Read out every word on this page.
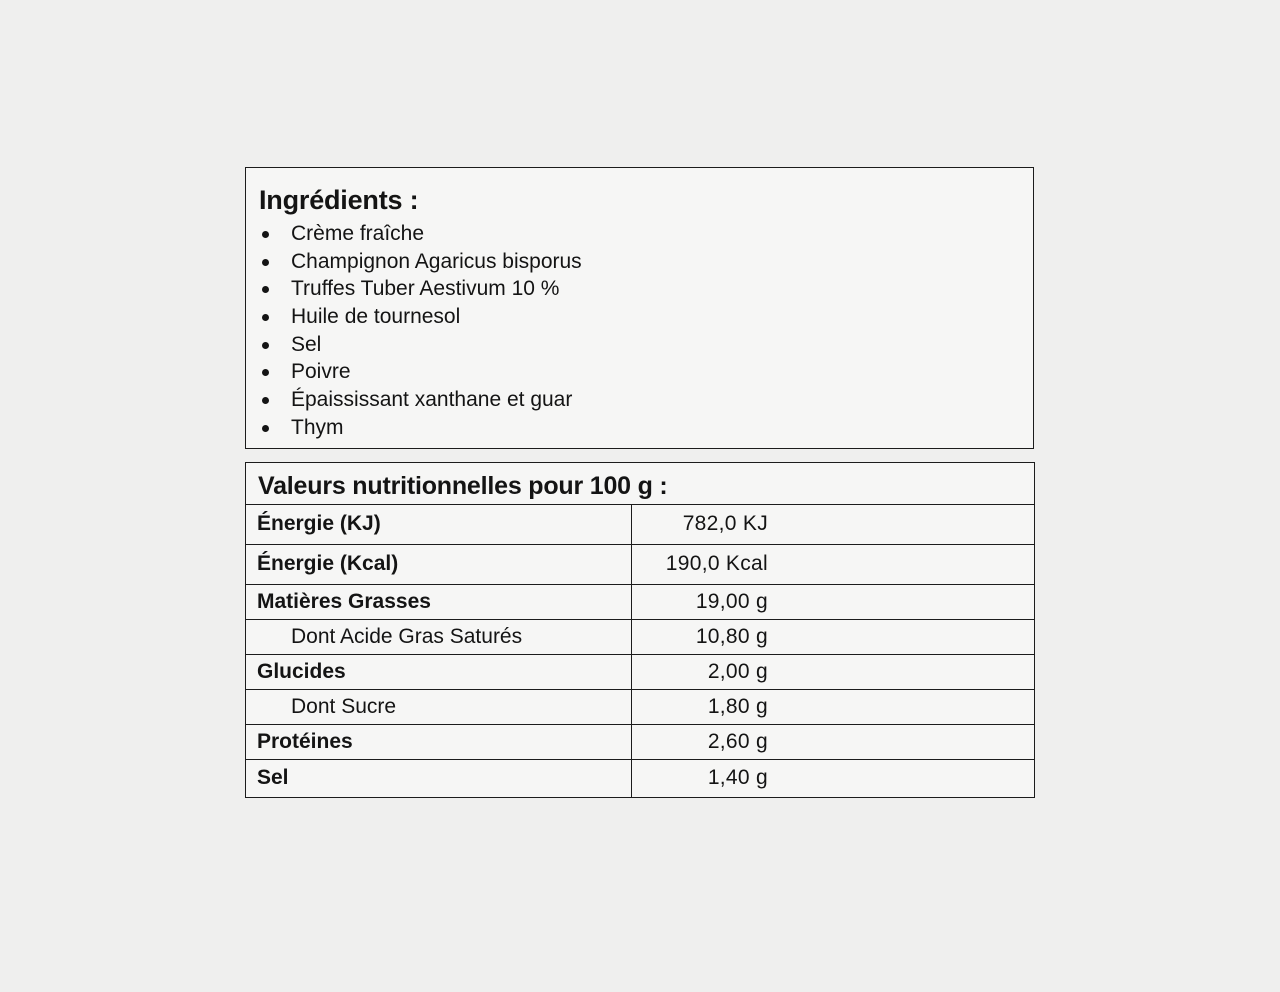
Ingrédients :
Crème fraîche
Champignon Agaricus bisporus
Truffes Tuber Aestivum 10 %
Huile de tournesol
Sel
Poivre
Épaississant xanthane et guar
Thym
Valeurs nutritionnelles pour 100 g :
Énergie (KJ)	782,0 KJ
Énergie (Kcal)	190,0 Kcal
Matières Grasses	19,00 g
Dont Acide Gras Saturés	10,80 g
Glucides	2,00 g
Dont Sucre	1,80 g
Protéines	2,60 g
Sel	1,40 g
